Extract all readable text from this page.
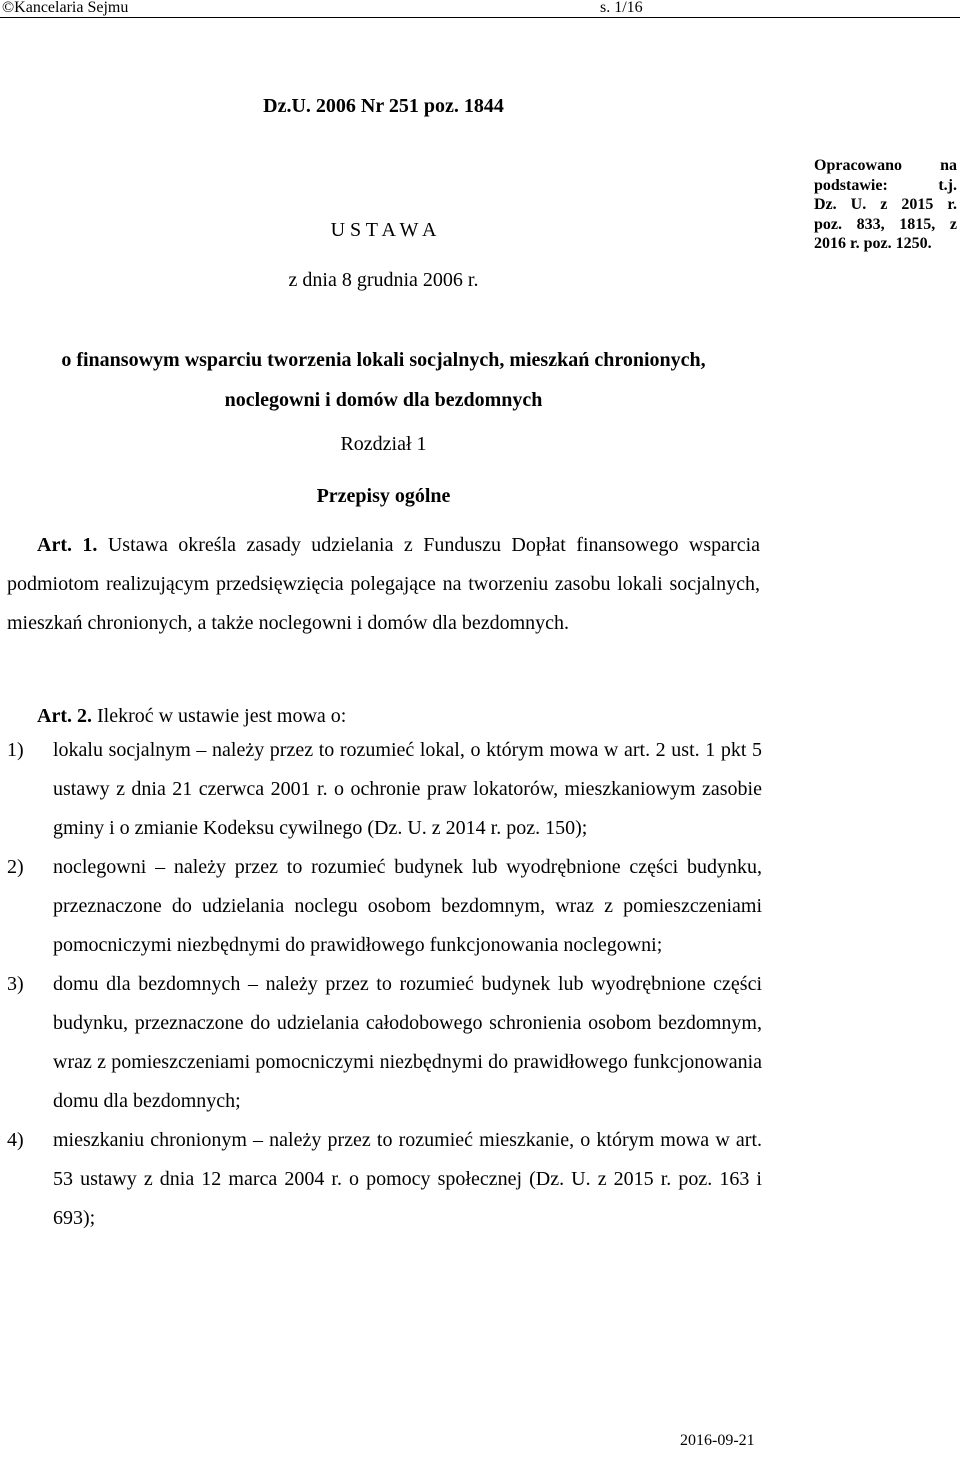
©Kancelaria Sejmu	s. 1/16
Dz.U. 2006 Nr 251 poz. 1844
U S T A W A
z dnia 8 grudnia 2006 r.
Opracowano na
podstawie: t.j.
Dz. U. z 2015 r.
poz. 833, 1815, z
2016 r. poz. 1250.
o finansowym wsparciu tworzenia lokali socjalnych, mieszkań chronionych,
noclegowni i domów dla bezdomnych
Rozdział 1
Przepisy ogólne
Art. 1. Ustawa określa zasady udzielania z Funduszu Dopłat finansowego wsparcia podmiotom realizującym przedsięwzięcia polegające na tworzeniu zasobu lokali socjalnych, mieszkań chronionych, a także noclegowni i domów dla bezdomnych.
Art. 2. Ilekroć w ustawie jest mowa o:
1) lokalu socjalnym – należy przez to rozumieć lokal, o którym mowa w art. 2 ust. 1 pkt 5 ustawy z dnia 21 czerwca 2001 r. o ochronie praw lokatorów, mieszkaniowym zasobie gminy i o zmianie Kodeksu cywilnego (Dz. U. z 2014 r. poz. 150);
2) noclegowni – należy przez to rozumieć budynek lub wyodrębnione części budynku, przeznaczone do udzielania noclegu osobom bezdomnym, wraz z pomieszczeniami pomocniczymi niezbędnymi do prawidłowego funkcjonowania noclegowni;
3) domu dla bezdomnych – należy przez to rozumieć budynek lub wyodrębnione części budynku, przeznaczone do udzielania całodobowego schronienia osobom bezdomnym, wraz z pomieszczeniami pomocniczymi niezbędnymi do prawidłowego funkcjonowania domu dla bezdomnych;
4) mieszkaniu chronionym – należy przez to rozumieć mieszkanie, o którym mowa w art. 53 ustawy z dnia 12 marca 2004 r. o pomocy społecznej (Dz. U. z 2015 r. poz. 163 i 693);
2016-09-21
